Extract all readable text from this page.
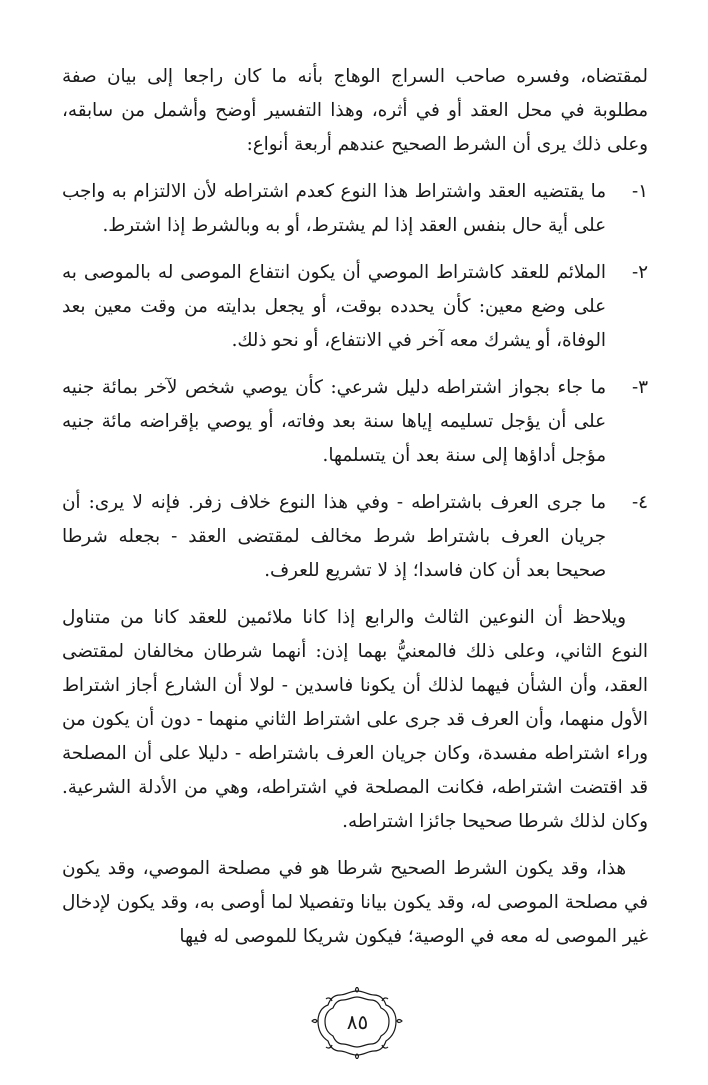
لمقتضاه، وفسره صاحب السراج الوهاج بأنه ما كان راجعا إلى بيان صفة مطلوبة في محل العقد أو في أثره، وهذا التفسير أوضح وأشمل من سابقه، وعلى ذلك يرى أن الشرط الصحيح عندهم أربعة أنواع:

١-
ما يقتضيه العقد واشتراط هذا النوع كعدم اشتراطه لأن الالتزام به واجب على أية حال بنفس العقد إذا لم يشترط، أو به وبالشرط إذا اشترط.
٢-
الملائم للعقد كاشتراط الموصي أن يكون انتفاع الموصى له بالموصى به على وضع معين: كأن يحدده بوقت، أو يجعل بدايته من وقت معين بعد الوفاة، أو يشرك معه آخر في الانتفاع، أو نحو ذلك.
٣-
ما جاء بجواز اشتراطه دليل شرعي: كأن يوصي شخص لآخر بمائة جنيه على أن يؤجل تسليمه إياها سنة بعد وفاته، أو يوصي بإقراضه مائة جنيه مؤجل أداؤها إلى سنة بعد أن يتسلمها.
٤-
ما جرى العرف باشتراطه - وفي هذا النوع خلاف زفر. فإنه لا يرى: أن جريان العرف باشتراط شرط مخالف لمقتضى العقد - بجعله شرطا صحيحا بعد أن كان فاسدا؛ إذ لا تشريع للعرف.

ويلاحظ أن النوعين الثالث والرابع إذا كانا ملائمين للعقد كانا من متناول النوع الثاني، وعلى ذلك فالمعنيُّ بهما إذن: أنهما شرطان مخالفان لمقتضى العقد، وأن الشأن فيهما لذلك أن يكونا فاسدين - لولا أن الشارع أجاز اشتراط الأول منهما، وأن العرف قد جرى على اشتراط الثاني منهما - دون أن يكون من وراء اشتراطه مفسدة، وكان جريان العرف باشتراطه - دليلا على أن المصلحة قد اقتضت اشتراطه، فكانت المصلحة في اشتراطه، وهي من الأدلة الشرعية. وكان لذلك شرطا صحيحا جائزا اشتراطه.

هذا، وقد يكون الشرط الصحيح شرطا هو في مصلحة الموصي، وقد يكون في مصلحة الموصى له، وقد يكون بيانا وتفصيلا لما أوصى به، وقد يكون لإدخال غير الموصى له معه في الوصية؛ فيكون شريكا للموصى له فيها

٨٥
